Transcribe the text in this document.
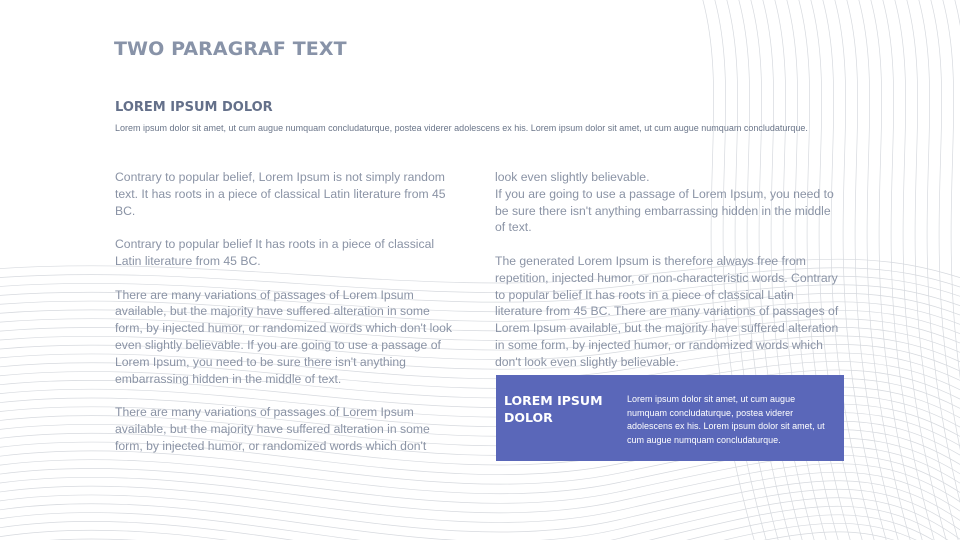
TWO PARAGRAF TEXT
LOREM IPSUM DOLOR

Lorem ipsum dolor sit amet, ut cum augue numquam concludaturque, postea viderer adolescens ex his. Lorem ipsum dolor sit amet, ut cum augue numquam concludaturque.

Contrary to popular belief, Lorem Ipsum is not simply random text. It has roots in a piece of classical Latin literature from 45 BC.

Contrary to popular belief It has roots in a piece of classical Latin literature from 45 BC.

There are many variations of passages of Lorem Ipsum available, but the majority have suffered alteration in some form, by injected humor, or randomized words which don't look even slightly believable. If you are going to use a passage of Lorem Ipsum, you need to be sure there isn't anything embarrassing hidden in the middle of text.

There are many variations of passages of Lorem Ipsum available, but the majority have suffered alteration in some form, by injected humor, or randomized words which don't

look even slightly believable.
If you are going to use a passage of Lorem Ipsum, you need to be sure there isn't anything embarrassing hidden in the middle of text.

The generated Lorem Ipsum is therefore always free from repetition, injected humor, or non-characteristic words. Contrary to popular belief It has roots in a piece of classical Latin literature from 45 BC. There are many variations of passages of Lorem Ipsum available, but the majority have suffered alteration in some form, by injected humor, or randomized words which don't look even slightly believable.

LOREM IPSUM DOLOR

Lorem ipsum dolor sit amet, ut cum augue numquam concludaturque, postea viderer adolescens ex his. Lorem ipsum dolor sit amet, ut cum augue numquam concludaturque.
